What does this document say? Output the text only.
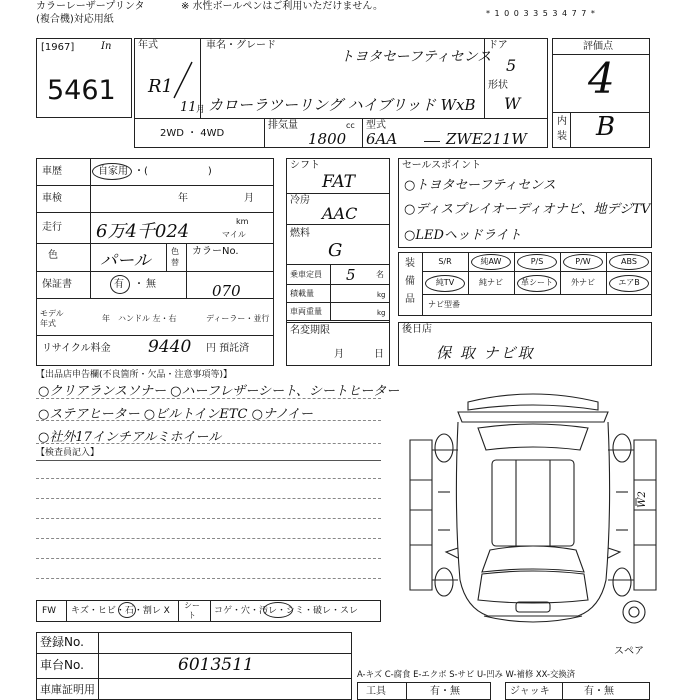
カラーレーザープリンタ
(複合機)対応用紙
※ 水性ボールペンはご利用いただけません。
* 1 0 0 3 3 5 3 4 7 7 *
[1967]	In
5461
年式
R1
11 月
車名・グレード
トヨタセーフティセンス
カローラツーリング ハイブリッド WxB
ドア
5
形状
W
2WD ・ 4WD
排気量	cc
1800
型式
6AA	ZWE211W
評価点
4
内
装 B
車歴	自家用 ・(　　　　　　)
車検	年	月
走行 6万4千024	km
マイル
色 パール	色
替
カラーNo.
070
保証書	有 ・ 無
モデル
年式
年 ハンドル 左・右	ディーラー・並行
リサイクル料金 9440 円 預託済
シフト
FAT
冷房
AAC
燃料
G
乗車定員 5	名
積載量	kg
車両重量	kg
名変期限
月	日
セールスポイント
○トヨタセーフティセンス
○ディスプレイオーディオナビ、地デジTV
○LEDヘッドライト
装
備
品
S/R	純AW	P/S	P/W	ABS
純TV	純ナビ	革シート	外ナビ	エアB
ナビ型番
後日店
保 取 ナビ取
【出品店申告欄(不良箇所・欠品・注意事項等)】
○クリアランスソナー ○ハーフレザーシート、シートヒーター
○ステアヒーター ○ビルトインETC ○ナノイー
○社外17インチアルミホイール
【検査員記入】
FW キズ・ヒビ・石・割レ X
シー
ト コゲ・穴・汚レ・シミ・破レ・スレ
登録No.
車台No.	6013511
車庫証明用
A-キズ C-腐食 E-エクボ S-サビ U-凹み W-補修 XX-交換済
工具	有・無	ジャッキ	有・無
W2
スペア
